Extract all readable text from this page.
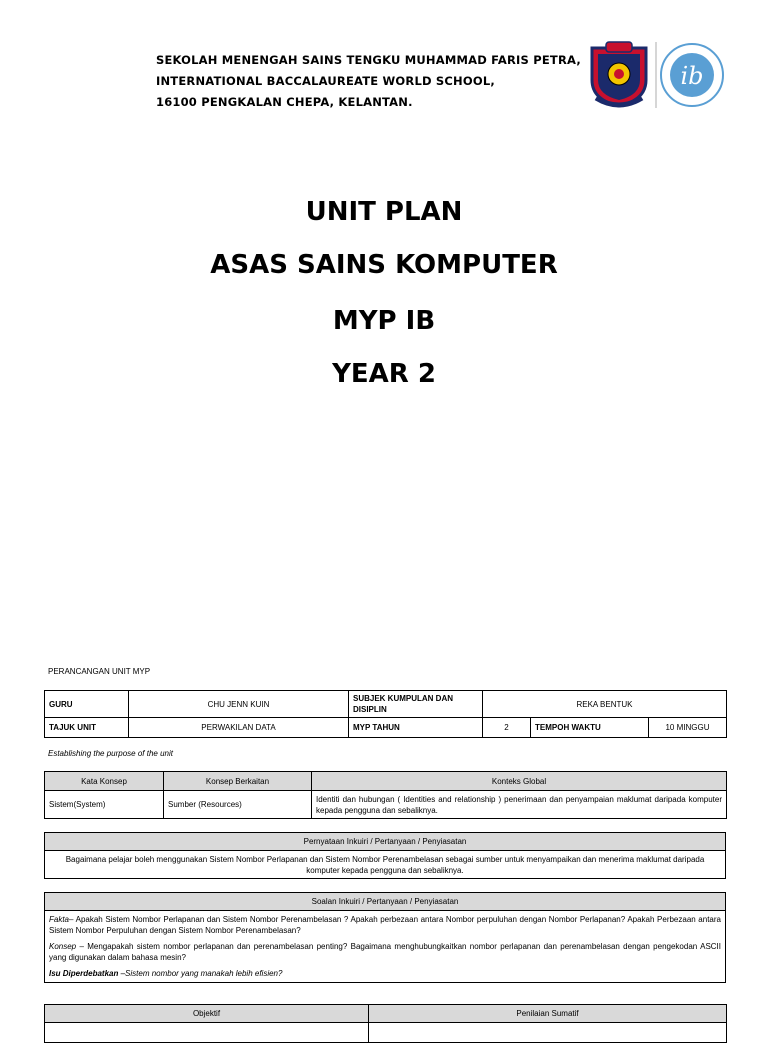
SEKOLAH MENENGAH SAINS TENGKU MUHAMMAD FARIS PETRA,
INTERNATIONAL BACCALAUREATE WORLD SCHOOL,
16100 PENGKALAN CHEPA, KELANTAN.
ib
UNIT PLAN
ASAS SAINS KOMPUTER
MYP IB
YEAR 2
PERANCANGAN UNIT MYP
GURU	CHU JENN KUIN	SUBJEK KUMPULAN DAN DISIPLIN	REKA BENTUK		
TAJUK UNIT	PERWAKILAN DATA	MYP TAHUN	2	TEMPOH WAKTU	10 MINGGU
Establishing the purpose of the unit
Kata Konsep	Konsep Berkaitan	Konteks Global
Sistem(System)	Sumber (Resources)	Identiti dan hubungan ( Identities and relationship ) penerimaan dan penyampaian maklumat daripada komputer kepada pengguna dan sebaliknya.
Pernyataan Inkuiri / Pertanyaan / Penyiasatan
Bagaimana pelajar boleh menggunakan Sistem Nombor Perlapanan dan Sistem Nombor Perenambelasan sebagai sumber untuk menyampaikan dan menerima maklumat daripada komputer kepada pengguna dan sebaliknya.
Soalan Inkuiri / Pertanyaan / Penyiasatan

Fakta– Apakah Sistem Nombor Perlapanan dan Sistem Nombor Perenambelasan ? Apakah perbezaan antara Nombor perpuluhan dengan Nombor Perlapanan? Apakah Perbezaan antara Sistem Nombor Perpuluhan dengan Sistem Nombor Perenambelasan?
Konsep – Mengapakah sistem nombor perlapanan dan perenambelasan penting? Bagaimana menghubungkaitkan nombor perlapanan dan perenambelasan dengan pengekodan ASCII yang digunakan dalam bahasa mesin?
Isu Diperdebatkan –Sistem nombor yang manakah lebih efisien?
Objektif	Penilaian Sumatif
